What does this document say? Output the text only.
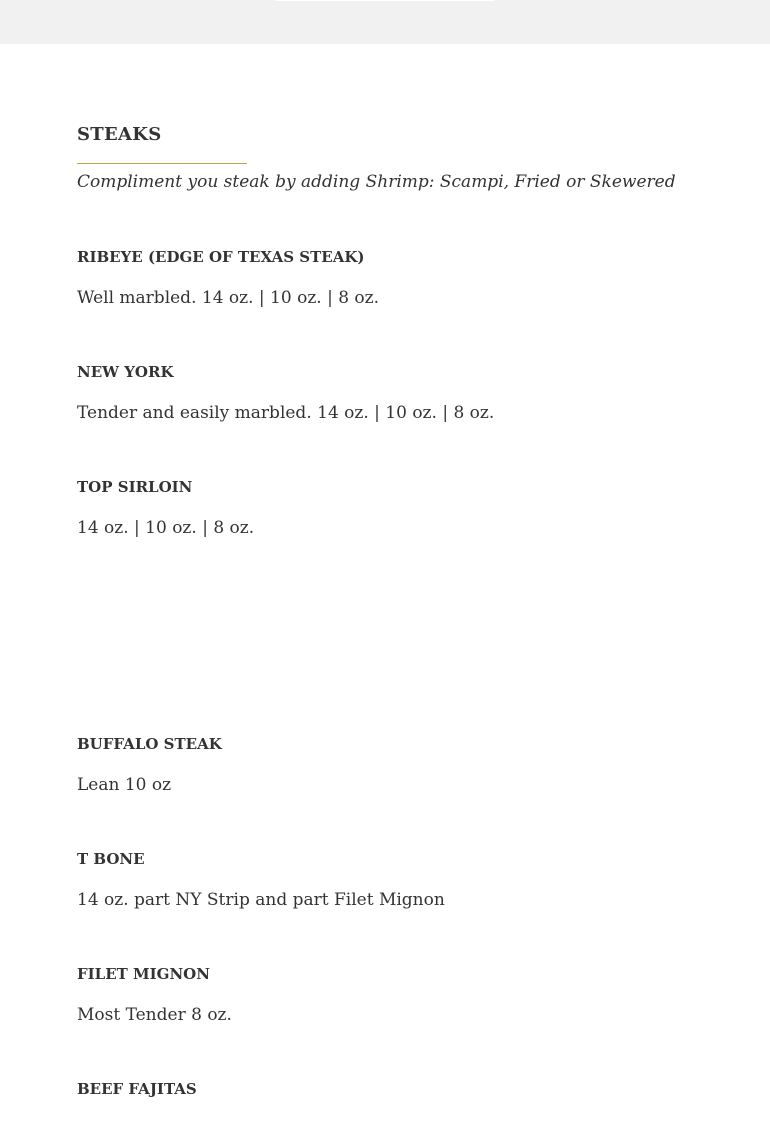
STEAKS

Compliment you steak by adding Shrimp: Scampi, Fried or Skewered

RIBEYE (EDGE OF TEXAS STEAK)

Well marbled. 14 oz. | 10 oz. | 8 oz.

NEW YORK

Tender and easily marbled. 14 oz. | 10 oz. | 8 oz.

TOP SIRLOIN

14 oz. | 10 oz. | 8 oz.

BUFFALO STEAK

Lean 10 oz

T BONE

14 oz. part NY Strip and part Filet Mignon

FILET MIGNON

Most Tender 8 oz.

BEEF FAJITAS
